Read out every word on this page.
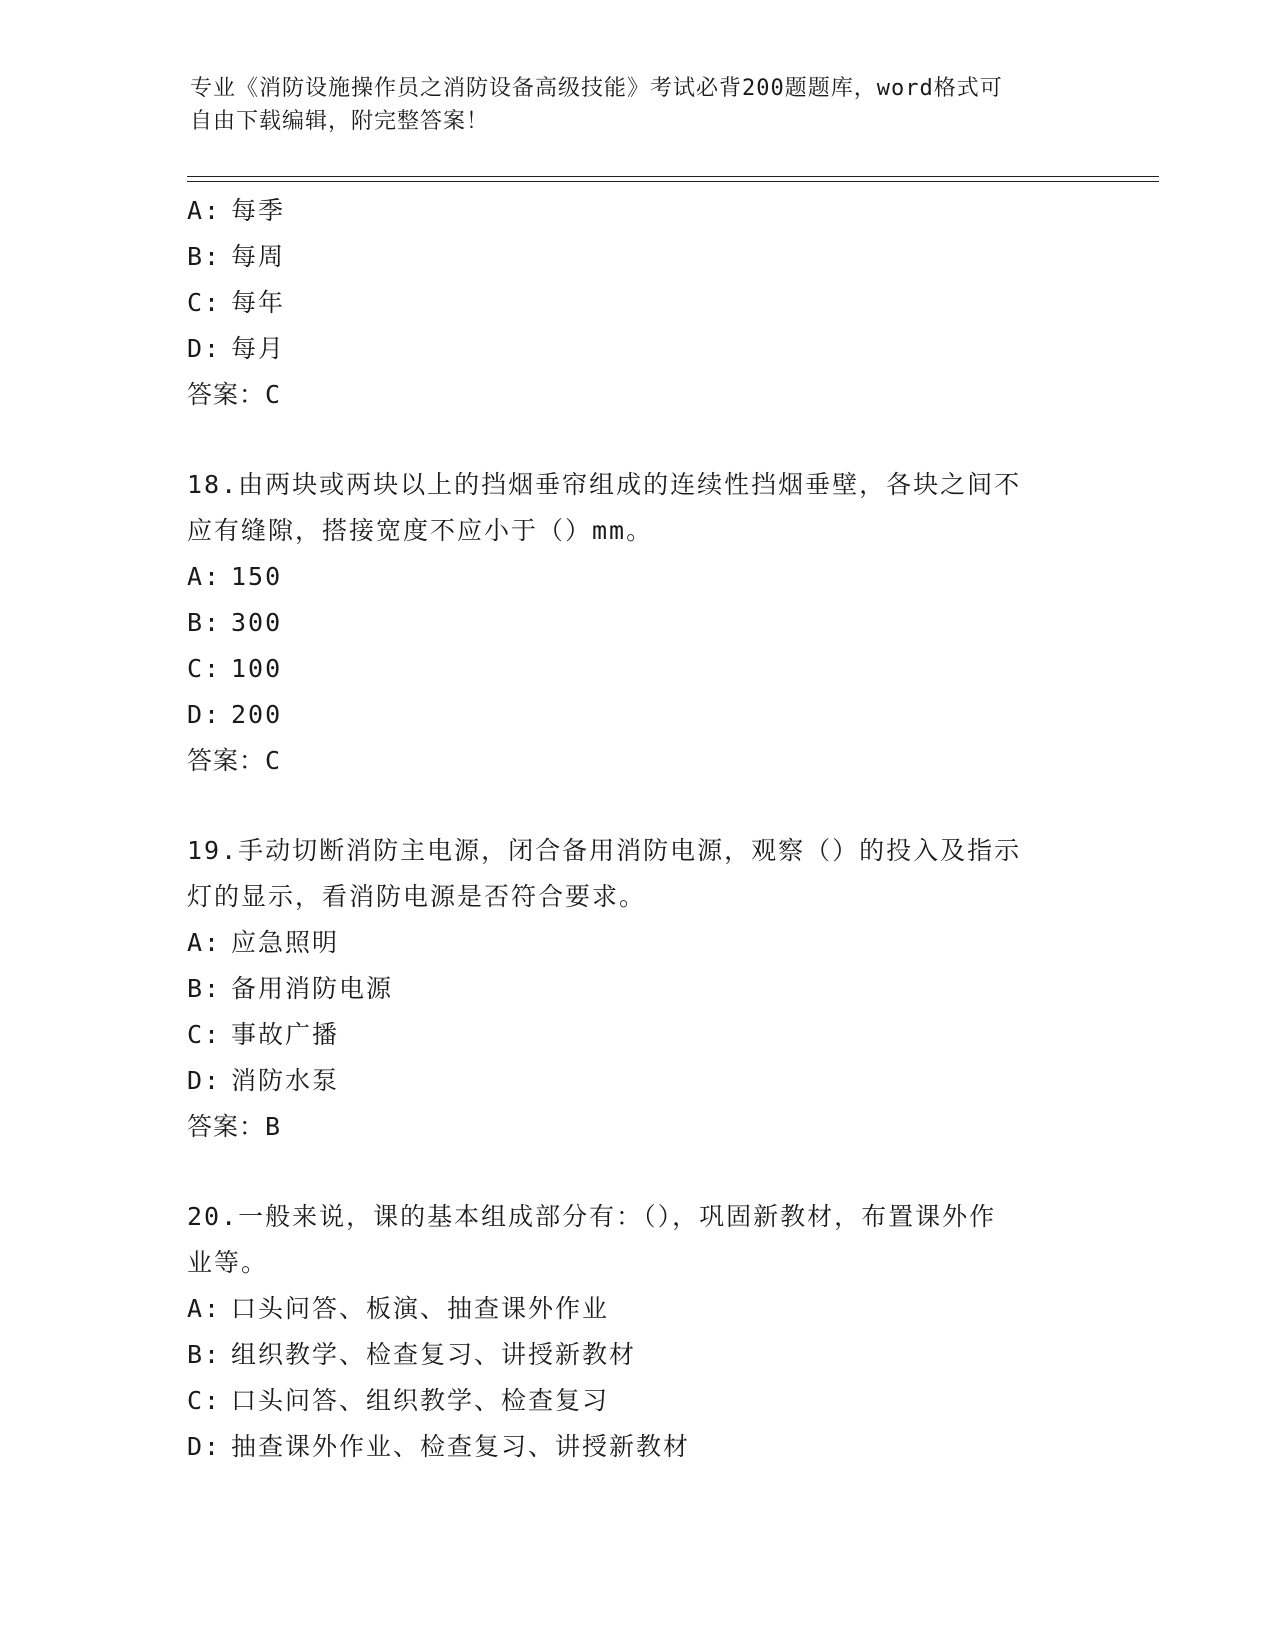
专业《消防设施操作员之消防设备高级技能》考试必背200题题库，word格式可
自由下载编辑，附完整答案！
A: 每季
B: 每周
C: 每年
D: 每月
答案：C
18.由两块或两块以上的挡烟垂帘组成的连续性挡烟垂壁，各块之间不
应有缝隙，搭接宽度不应小于（）mm。
A: 150
B: 300
C: 100
D: 200
答案：C
19.手动切断消防主电源，闭合备用消防电源，观察（）的投入及指示
灯的显示，看消防电源是否符合要求。
A: 应急照明
B: 备用消防电源
C: 事故广播
D: 消防水泵
答案：B
20.一般来说，课的基本组成部分有：（），巩固新教材，布置课外作
业等。
A: 口头问答、板演、抽查课外作业
B: 组织教学、检查复习、讲授新教材
C: 口头问答、组织教学、检查复习
D: 抽查课外作业、检查复习、讲授新教材
